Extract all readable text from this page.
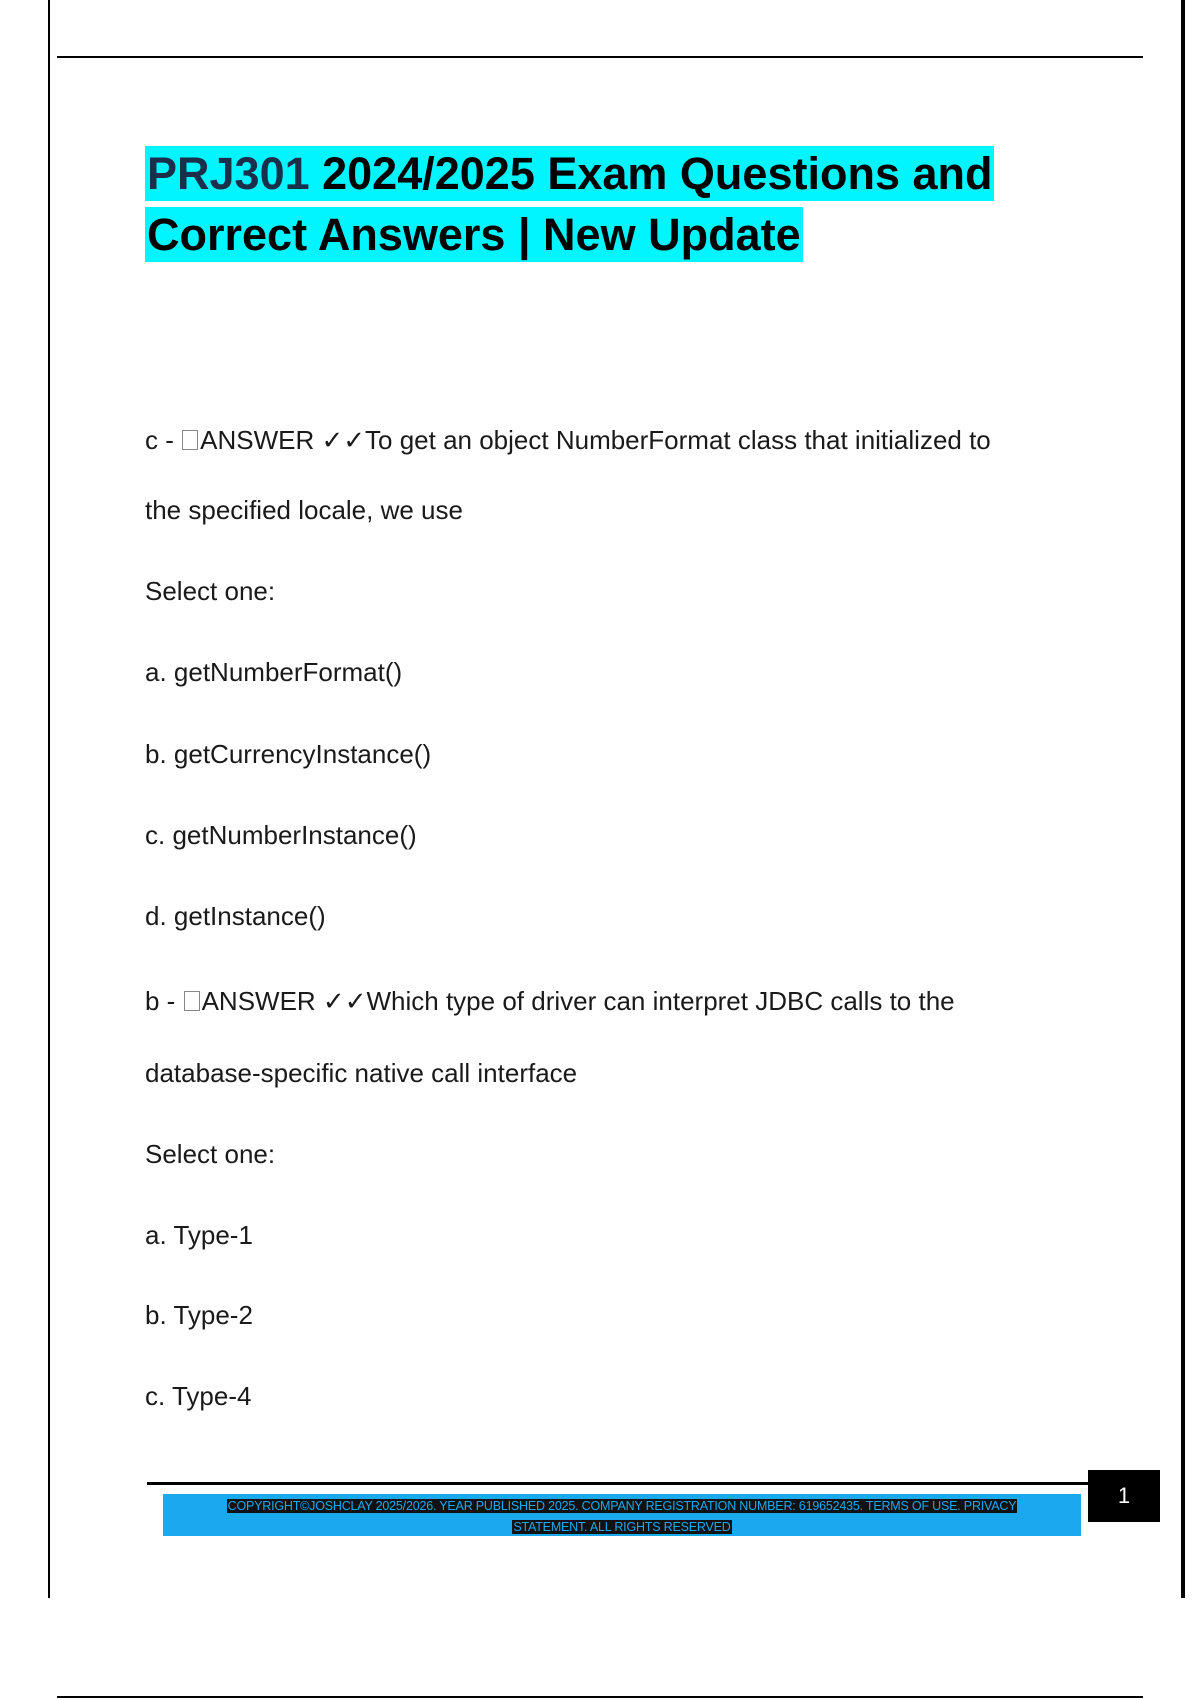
PRJ301 2024/2025 Exam Questions and
Correct Answers | New Update

c - ANSWER ✓✓To get an object NumberFormat class that initialized to

the specified locale, we use

Select one:

a. getNumberFormat()

b. getCurrencyInstance()

c. getNumberInstance()

d. getInstance()

b - ANSWER ✓✓Which type of driver can interpret JDBC calls to the

database-specific native call interface

Select one:

a. Type-1

b. Type-2

c. Type-4

COPYRIGHT©JOSHCLAY 2025/2026. YEAR PUBLISHED 2025. COMPANY REGISTRATION NUMBER: 619652435. TERMS OF USE. PRIVACY
STATEMENT. ALL RIGHTS RESERVED
1
